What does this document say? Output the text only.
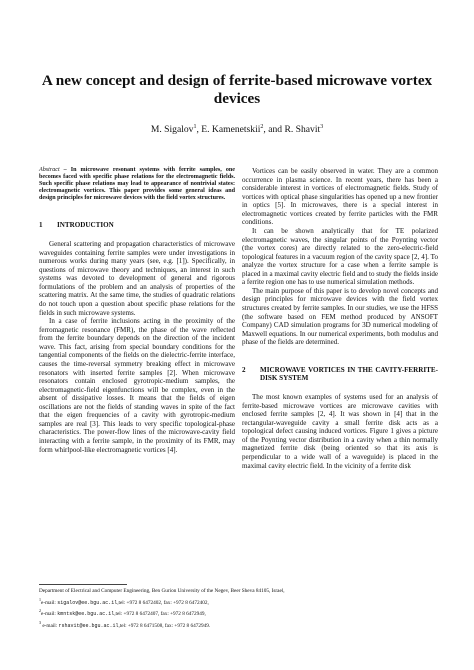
A new concept and design of ferrite-based microwave vortex devices
M. Sigalov$^1$, E. Kamenetskii$^2$, and R. Shavit$^3$

Abstract – In microwave resonant systems with ferrite samples, one becomes faced with specific phase relations for the electromagnetic fields. Such specific phase relations may lead to appearance of nontrivial states: electromagnetic vortices. This paper provides some general ideas and design principles for microwave devices with the field vortex structures.

1 INTRODUCTION

General scattering and propagation characteristics of microwave waveguides containing ferrite samples were under investigations in numerous works during many years (see, e.g. [1]). Specifically, in questions of microwave theory and techniques, an interest in such systems was devoted to development of general and rigorous formulations of the problem and an analysis of properties of the scattering matrix. At the same time, the studies of quadratic relations do not touch upon a question about specific phase relations for the fields in such microwave systems.

In a case of ferrite inclusions acting in the proximity of the ferromagnetic resonance (FMR), the phase of the wave reflected from the ferrite boundary depends on the direction of the incident wave. This fact, arising from special boundary conditions for the tangential components of the fields on the dielectric-ferrite interface, causes the time-reversal symmetry breaking effect in microwave resonators with inserted ferrite samples [2]. When microwave resonators contain enclosed gyrotropic-medium samples, the electromagnetic-field eigenfunctions will be complex, even in the absent of dissipative losses. It means that the fields of eigen oscillations are not the fields of standing waves in spite of the fact that the eigen frequencies of a cavity with gyrotropic-medium samples are real [3]. This leads to very specific topological-phase characteristics. The power-flow lines of the microwave-cavity field interacting with a ferrite sample, in the proximity of its FMR, may form whirlpool-like electromagnetic vortices [4].

Vortices can be easily observed in water. They are a common occurrence in plasma science. In recent years, there has been a considerable interest in vortices of electromagnetic fields. Study of vortices with optical phase singularities has opened up a new frontier in optics [5]. In microwaves, there is a special interest in electromagnetic vortices created by ferrite particles with the FMR conditions.

It can be shown analytically that for TE polarized electromagnetic waves, the singular points of the Poynting vector (the vortex cores) are directly related to the zero-electric-field topological features in a vacuum region of the cavity space [2, 4]. To analyze the vortex structure for a case when a ferrite sample is placed in a maximal cavity electric field and to study the fields inside a ferrite region one has to use numerical simulation methods.

The main purpose of this paper is to develop novel concepts and design principles for microwave devices with the field vortex structures created by ferrite samples. In our studies, we use the HFSS (the software based on FEM method produced by ANSOFT Company) CAD simulation programs for 3D numerical modeling of Maxwell equations. In our numerical experiments, both modulus and phase of the fields are determined.

2	MICROWAVE VORTICES IN THE CAVITY-FERRITE-DISK SYSTEM

The most known examples of systems used for an analysis of ferrite-based microwave vortices are microwave cavities with enclosed ferrite samples [2, 4]. It was shown in [4] that in the rectangular-waveguide cavity a small ferrite disk acts as a topological defect causing induced vortices. Figure 1 gives a picture of the Poynting vector distribution in a cavity when a thin normally magnetized ferrite disk (being oriented so that its axis is perpendicular to a wide wall of a waveguide) is placed in the maximal cavity electric field. In the vicinity of a ferrite disk

Department of Electrical and Computer Engineering, Ben Gurion University of the Negev, Beer Sheva 84105, Israel,
$^1$e-mail: sigalov@ee.bgu.ac.il,tel: +972 8 6472402, fax: +972 8 6472402,
$^2$e-mail: kmntsk@ee.bgu.ac.il,tel: +972 8 6472407, fax: +972 8 6472949,
$^3$ e-mail: rshavit@ee.bgu.ac.il,tel: +972 8 6471508, fax: +972 8 6472949.
